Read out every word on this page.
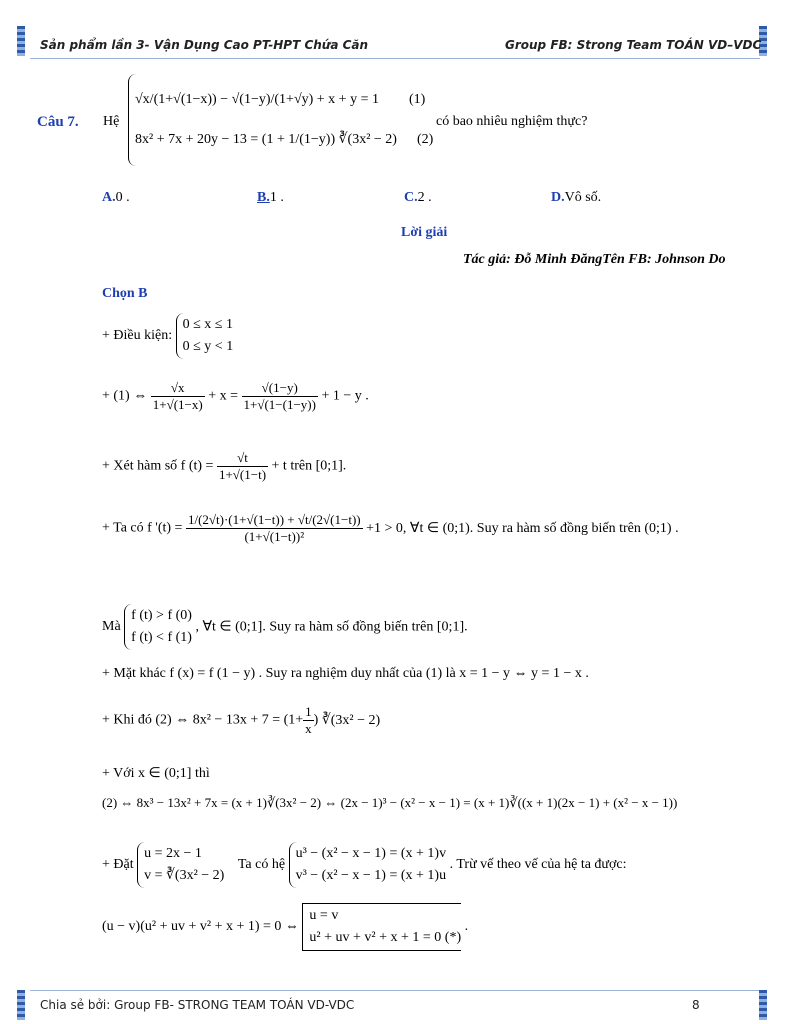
Sản phẩm lần 3- Vận Dụng Cao PT-HPT Chứa Căn	Group FB: Strong Team TOÁN VD–VDC
Câu 7. Hệ
√x/(1+√(1−x)) − √(1−y)/(1+√y) + x + y = 1 (1)
8x² + 7x + 20y − 13 = (1 + 1/(1−y)) ∛(3x² − 2) (2)
có bao nhiêu nghiệm thực?
A.0 .	B.1 .	C.2 .	D.Vô số.
Lời giải
Tác giả: Đỗ Minh ĐăngTên FB: Johnson Do
Chọn B
+ Điều kiện:
0 ≤ x ≤ 1
0 ≤ y < 1
+ (1) ⇔ $\frac{√x}{1+√(1-x)} + x = \frac{√(1-y)}{1+√(1-(1-y))} + 1 - y$ .
+ Xét hàm số f $(t) = \frac{√t}{1+√(1-t)} + t$ trên [0;1].
+ Ta có f '$(t) = \frac{1/(2√t)\cdot(1+√(1-t)) + √t/(2√(1-t))}{\text{(1+√(1−t))²}} +1 > 0$, ∀t ∈ (0;1). Suy ra hàm số đồng biến trên (0;1) .
Mà
f (t) > f (0)
f (t) < f (1)
, ∀t ∈ (0;1]. Suy ra hàm số đồng biến trên [0;1].
+ Mặt khác f (x) = f (1 − y) . Suy ra nghiệm duy nhất của (1) là x = 1 − y ⇔ y = 1 − x .
+ Khi đó (2) ⇔ $8x^2 - 13x + 7 = (1+ \frac{1}{x}$ ) ∛(3x² − 2)
+ Với x ∈ (0;1] thì
(2) ⇔ 8x³ − 13x² + 7x = (x + 1)∛(3x² − 2) ⇔ (2x − 1)³ − (x² − x − 1) = (x + 1)∛((x + 1)(2x − 1) + (x² − x − 1))
+ Đặt
u = 2x − 1
v = ∛(3x² − 2)
Ta có hệ
u³ − (x² − x − 1) = (x + 1)v
v³ − (x² − x − 1) = (x + 1)u
. Trừ vế theo vế của hệ ta được:
(u − v)(u² + uv + v² + x + 1) = 0 ⇔
u = v
u² + uv + v² + x + 1 = 0 (*)
.
Chia sẻ bởi: Group FB- STRONG TEAM TOÁN VD-VDC	8
